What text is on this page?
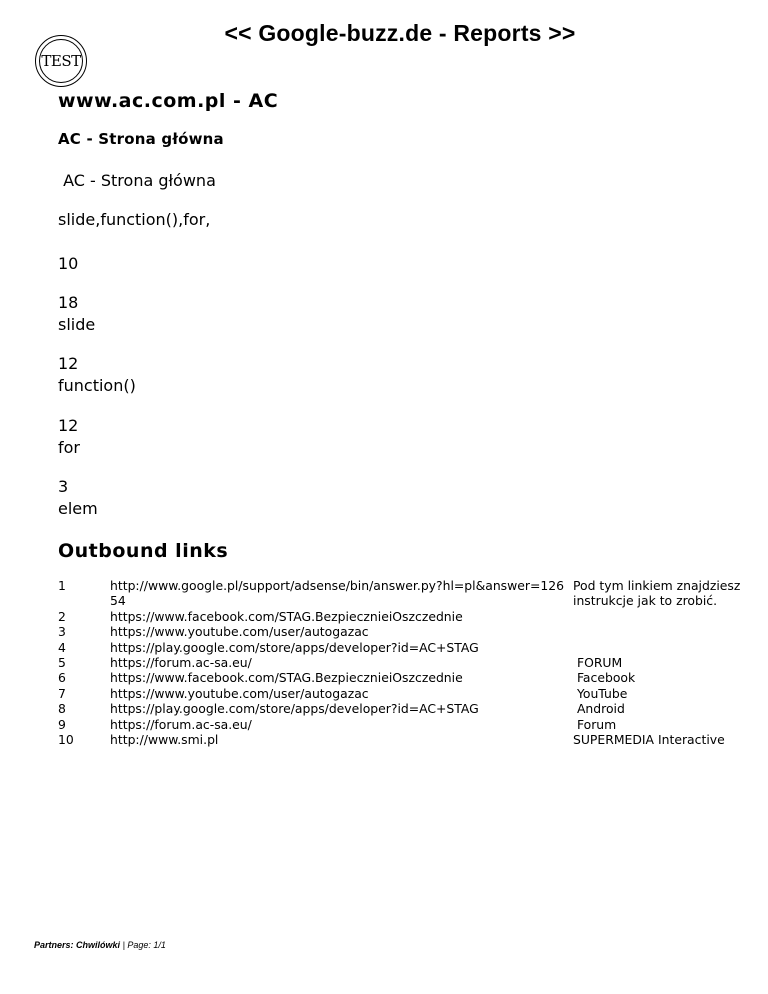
<< Google-buzz.de - Reports >>
TEST
www.ac.com.pl - AC
AC - Strona główna

AC - Strona główna

slide,function(),for,

10

18
slide
12
function()
12
for
3
elem
Outbound links
1	http://www.google.pl/support/adsense/bin/answer.py?hl=pl&answer=12654	Pod tym linkiem znajdziesz
instrukcje jak to zrobić.
2	https://www.facebook.com/STAG.BezpiecznieiOszczednie	
3	https://www.youtube.com/user/autogazac	
4	https://play.google.com/store/apps/developer?id=AC+STAG	
5	https://forum.ac-sa.eu/	FORUM
6	https://www.facebook.com/STAG.BezpiecznieiOszczednie	Facebook
7	https://www.youtube.com/user/autogazac	YouTube
8	https://play.google.com/store/apps/developer?id=AC+STAG	Android
9	https://forum.ac-sa.eu/	Forum
10	http://www.smi.pl	SUPERMEDIA Interactive
Partners: Chwilówki | Page: 1/1
